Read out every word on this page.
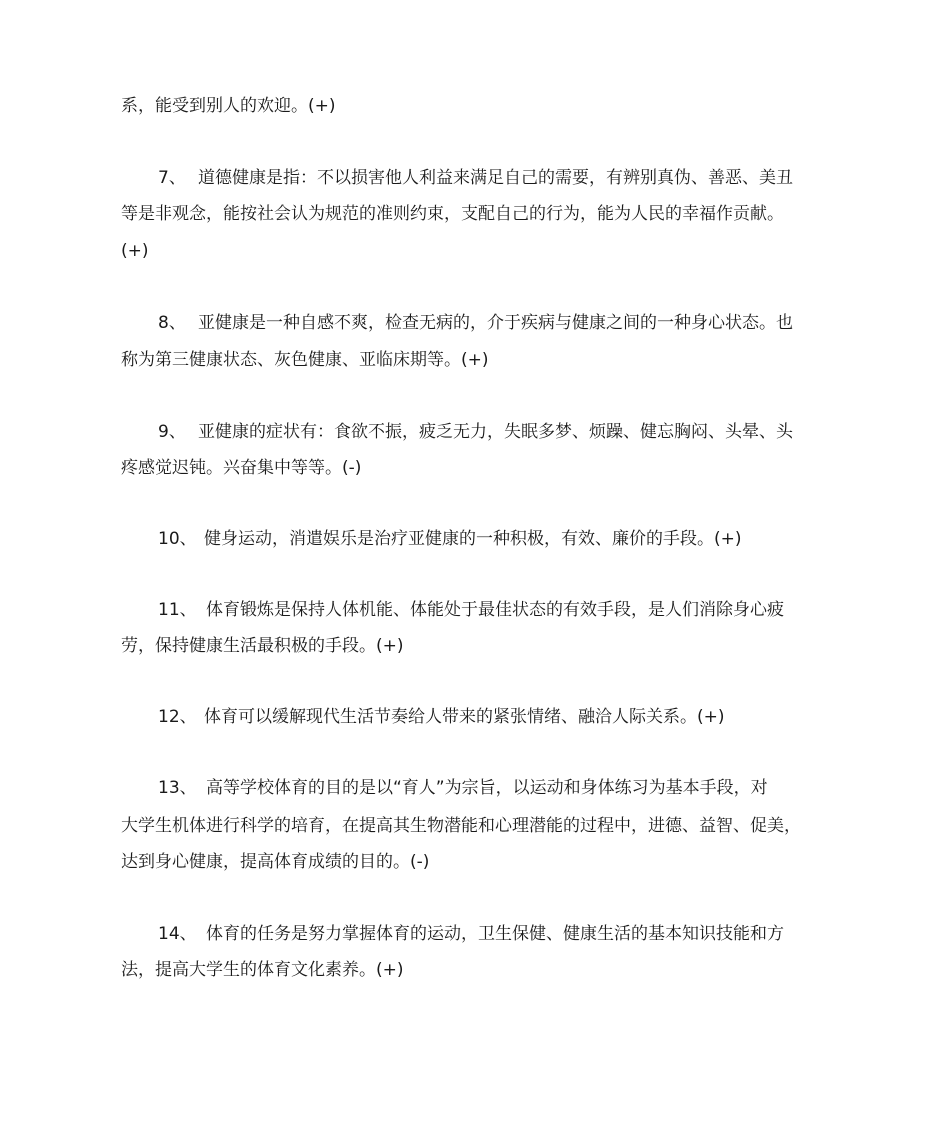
系，能受到别人的欢迎。(+)
7、 道德健康是指：不以损害他人利益来满足自己的需要，有辨别真伪、善恶、美丑
等是非观念，能按社会认为规范的准则约束，支配自己的行为，能为人民的幸福作贡献。
(+)
8、 亚健康是一种自感不爽，检查无病的，介于疾病与健康之间的一种身心状态。也
称为第三健康状态、灰色健康、亚临床期等。(+)
9、 亚健康的症状有：食欲不振，疲乏无力，失眠多梦、烦躁、健忘胸闷、头晕、头
疼感觉迟钝。兴奋集中等等。(-)
10、 健身运动，消遣娱乐是治疗亚健康的一种积极，有效、廉价的手段。(+)
11、 体育锻炼是保持人体机能、体能处于最佳状态的有效手段，是人们消除身心疲
劳，保持健康生活最积极的手段。(+)
12、 体育可以缓解现代生活节奏给人带来的紧张情绪、融洽人际关系。(+)
13、 高等学校体育的目的是以“育人”为宗旨，以运动和身体练习为基本手段，对
大学生机体进行科学的培育，在提高其生物潜能和心理潜能的过程中，进德、益智、促美，
达到身心健康，提高体育成绩的目的。(-)
14、 体育的任务是努力掌握体育的运动，卫生保健、健康生活的基本知识技能和方
法，提高大学生的体育文化素养。(+)
